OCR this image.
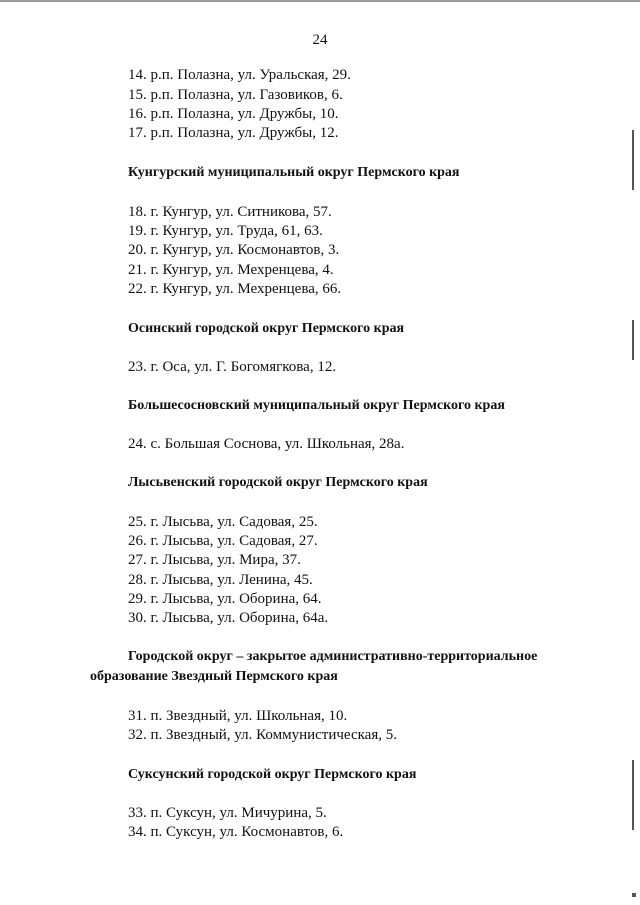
24
14. р.п. Полазна, ул. Уральская, 29.
15. р.п. Полазна, ул. Газовиков, 6.
16. р.п. Полазна, ул. Дружбы, 10.
17. р.п. Полазна, ул. Дружбы, 12.
Кунгурский муниципальный округ Пермского края
18. г. Кунгур, ул. Ситникова, 57.
19. г. Кунгур, ул. Труда, 61, 63.
20. г. Кунгур, ул. Космонавтов, 3.
21. г. Кунгур, ул. Мехренцева, 4.
22. г. Кунгур, ул. Мехренцева, 66.
Осинский городской округ Пермского края
23. г. Оса, ул. Г. Богомягкова, 12.
Большесосновский муниципальный округ Пермского края
24. с. Большая Соснова, ул. Школьная, 28а.
Лысьвенский городской округ Пермского края
25. г. Лысьва, ул. Садовая, 25.
26. г. Лысьва, ул. Садовая, 27.
27. г. Лысьва, ул. Мира, 37.
28. г. Лысьва, ул. Ленина, 45.
29. г. Лысьва, ул. Оборина, 64.
30. г. Лысьва, ул. Оборина, 64а.
Городской округ – закрытое административно-территориальное
образование Звездный Пермского края
31. п. Звездный, ул. Школьная, 10.
32. п. Звездный, ул. Коммунистическая, 5.
Суксунский городской округ Пермского края
33. п. Суксун, ул. Мичурина, 5.
34. п. Суксун, ул. Космонавтов, 6.
